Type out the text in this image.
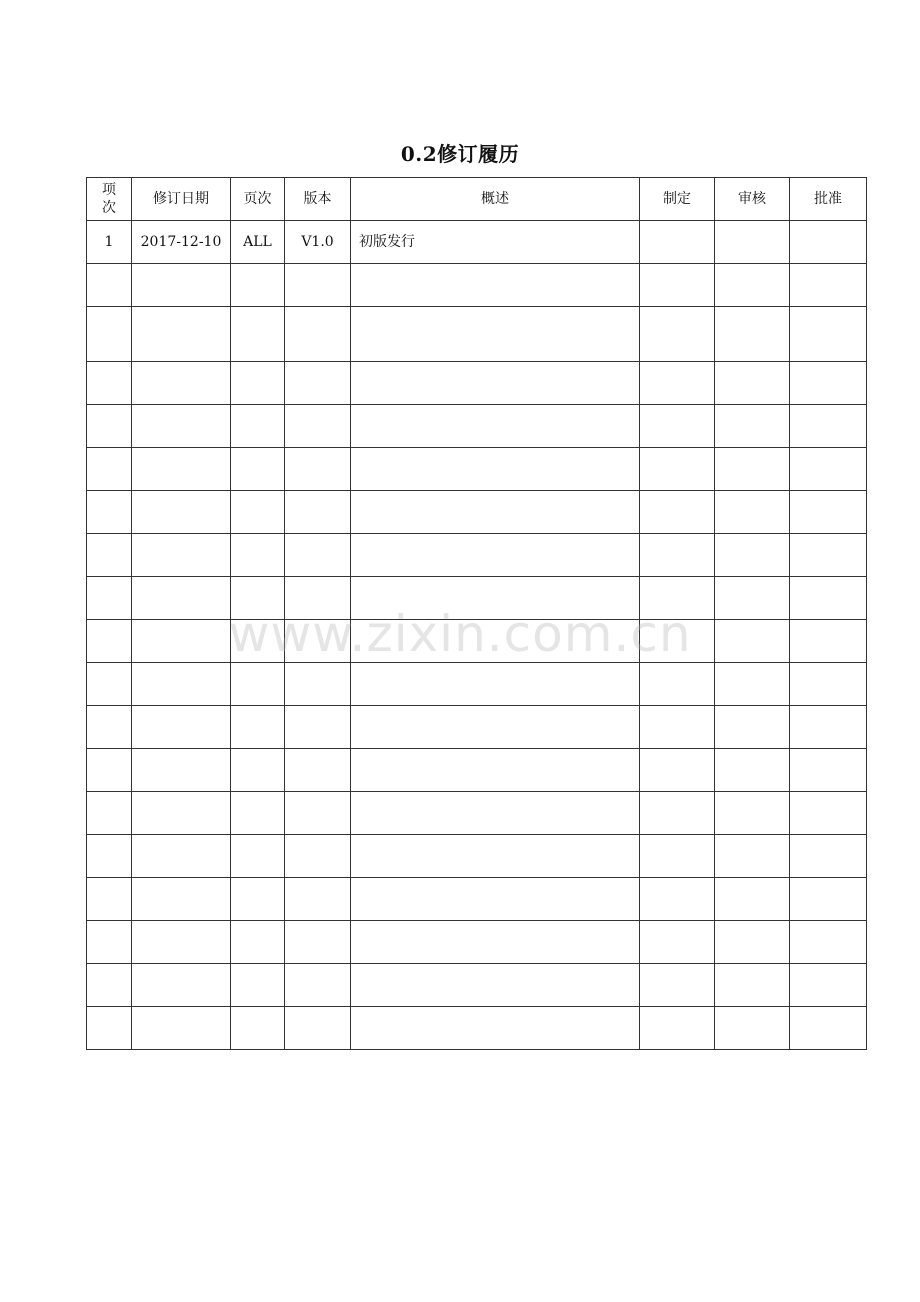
0.2修订履历
项次	修订日期	页次	版本	概述	制定	审核	批准
1	2017-12-10	ALL	V1.0	初版发行			

www.zixin.com.cn
